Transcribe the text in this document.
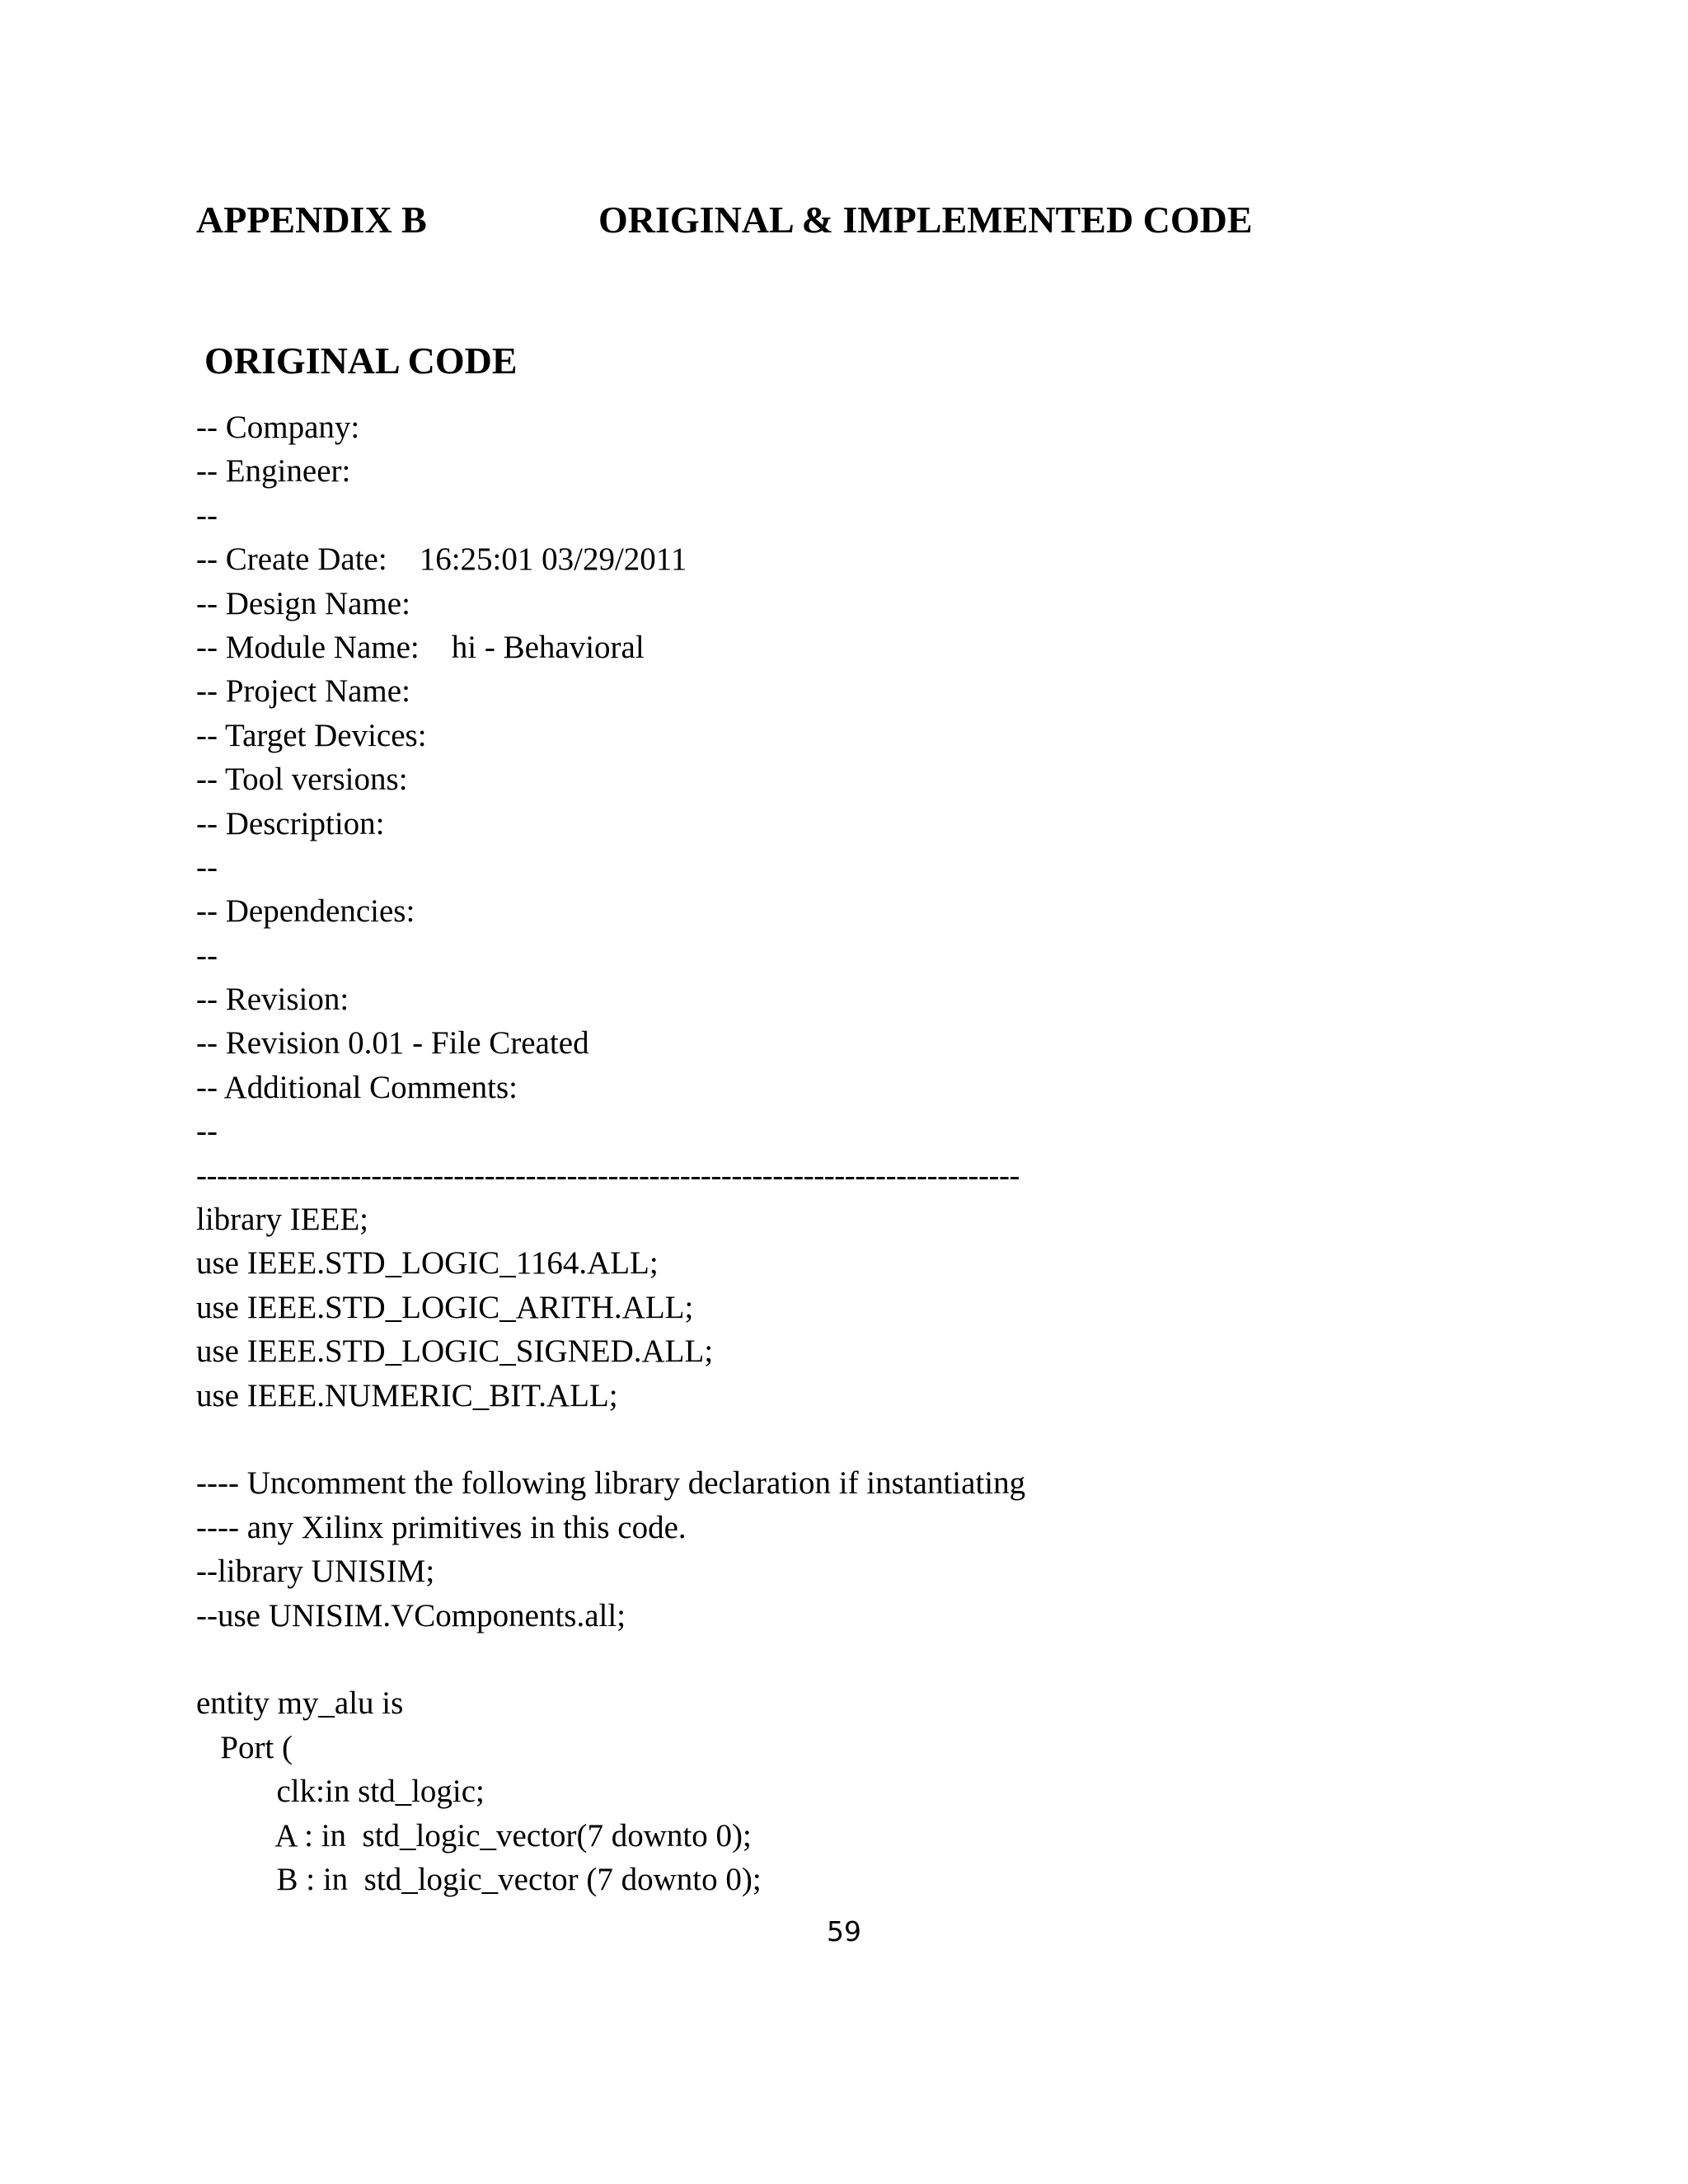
APPENDIX B	ORIGINAL & IMPLEMENTED CODE
ORIGINAL CODE
-- Company:
-- Engineer:
--
-- Create Date:    16:25:01 03/29/2011
-- Design Name:
-- Module Name:    hi - Behavioral
-- Project Name:
-- Target Devices:
-- Tool versions:
-- Description:
--
-- Dependencies:
--
-- Revision:
-- Revision 0.01 - File Created
-- Additional Comments:
--
--------------------------------------------------------------------------------
library IEEE;
use IEEE.STD_LOGIC_1164.ALL;
use IEEE.STD_LOGIC_ARITH.ALL;
use IEEE.STD_LOGIC_SIGNED.ALL;
use IEEE.NUMERIC_BIT.ALL;
---- Uncomment the following library declaration if instantiating
---- any Xilinx primitives in this code.
--library UNISIM;
--use UNISIM.VComponents.all;
entity my_alu is
Port (
clk:in std_logic;
A : in  std_logic_vector(7 downto 0);
B : in  std_logic_vector (7 downto 0);
59
